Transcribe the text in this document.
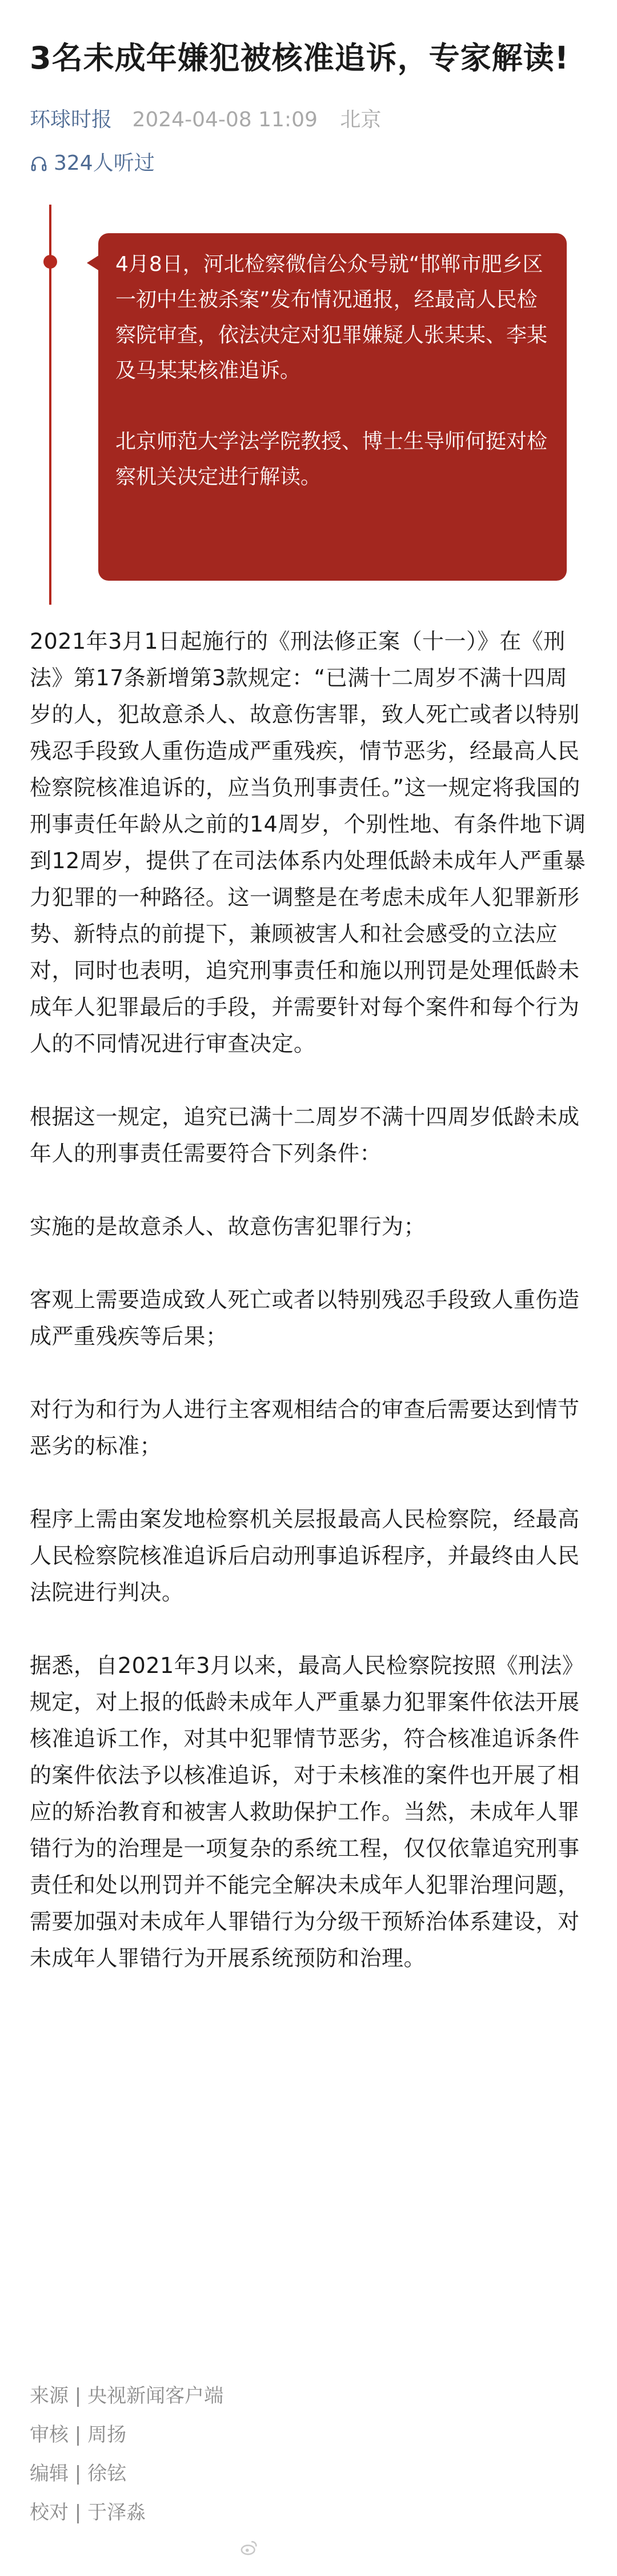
3名未成年嫌犯被核准追诉，专家解读!
环球时报 2024-04-08 11:09 北京
324人听过

4月8日，河北检察微信公众号就“邯郸市肥乡区一初中生被杀案”发布情况通报，经最高人民检察院审查，依法决定对犯罪嫌疑人张某某、李某及马某某核准追诉。

北京师范大学法学院教授、博士生导师何挺对检察机关决定进行解读。

2021年3月1日起施行的《刑法修正案（十一）》在《刑法》第17条新增第3款规定：“已满十二周岁不满十四周岁的人，犯故意杀人、故意伤害罪，致人死亡或者以特别残忍手段致人重伤造成严重残疾，情节恶劣，经最高人民检察院核准追诉的，应当负刑事责任。”这一规定将我国的刑事责任年龄从之前的14周岁，个别性地、有条件地下调到12周岁，提供了在司法体系内处理低龄未成年人严重暴力犯罪的一种路径。这一调整是在考虑未成年人犯罪新形势、新特点的前提下，兼顾被害人和社会感受的立法应对，同时也表明，追究刑事责任和施以刑罚是处理低龄未成年人犯罪最后的手段，并需要针对每个案件和每个行为人的不同情况进行审查决定。

根据这一规定，追究已满十二周岁不满十四周岁低龄未成年人的刑事责任需要符合下列条件：

实施的是故意杀人、故意伤害犯罪行为；

客观上需要造成致人死亡或者以特别残忍手段致人重伤造成严重残疾等后果；

对行为和行为人进行主客观相结合的审查后需要达到情节恶劣的标准；

程序上需由案发地检察机关层报最高人民检察院，经最高人民检察院核准追诉后启动刑事追诉程序，并最终由人民法院进行判决。

据悉，自2021年3月以来，最高人民检察院按照《刑法》规定，对上报的低龄未成年人严重暴力犯罪案件依法开展核准追诉工作，对其中犯罪情节恶劣，符合核准追诉条件的案件依法予以核准追诉，对于未核准的案件也开展了相应的矫治教育和被害人救助保护工作。当然，未成年人罪错行为的治理是一项复杂的系统工程，仅仅依靠追究刑事责任和处以刑罚并不能完全解决未成年人犯罪治理问题，需要加强对未成年人罪错行为分级干预矫治体系建设，对未成年人罪错行为开展系统预防和治理。

来源 | 央视新闻客户端
审核 | 周扬
编辑 | 徐铉
校对 | 于泽淼
